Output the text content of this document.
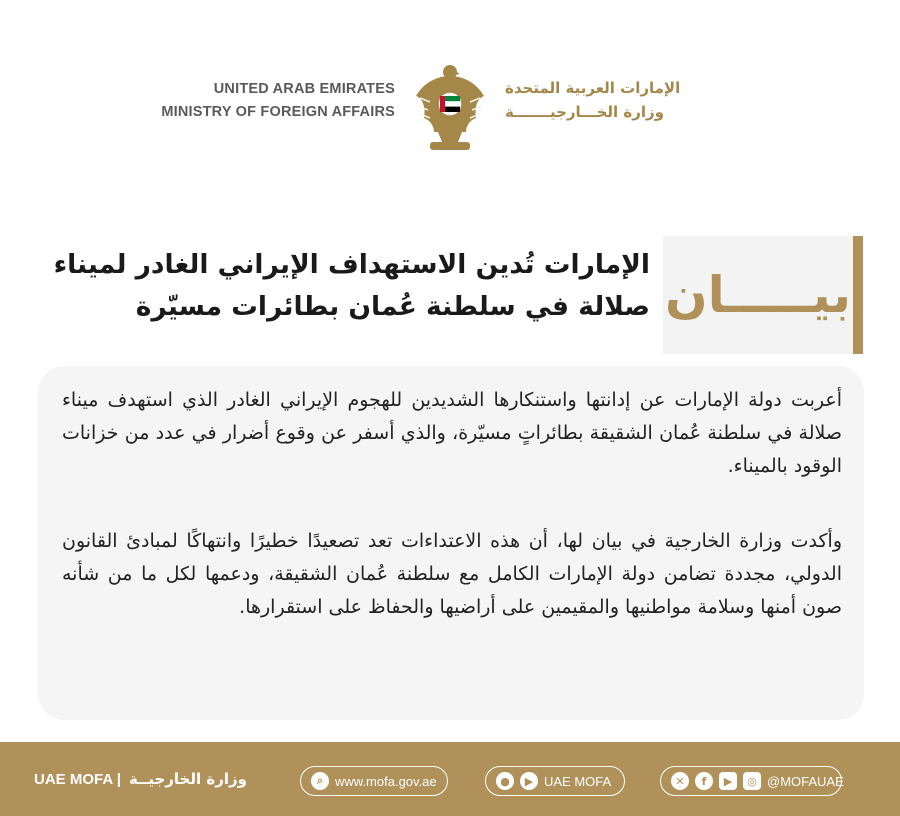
UNITED ARAB EMIRATES
MINISTRY OF FOREIGN AFFAIRS
الإمارات العربية المتحدة
وزارة الخـــارجيـــــــة
بيـــــان
الإمارات تُدين الاستهداف الإيراني الغادر لميناء
صلالة في سلطنة عُمان بطائرات مسيّرة
أعربت دولة الإمارات عن إدانتها واستنكارها الشديدين للهجوم الإيراني الغادر الذي استهدف ميناء صلالة في سلطنة عُمان الشقيقة بطائراتٍ مسيّرة، والذي أسفر عن وقوع أضرار في عدد من خزانات الوقود بالميناء.
وأكدت وزارة الخارجية في بيان لها، أن هذه الاعتداءات تعد تصعيدًا خطيرًا وانتهاكًا لمبادئ القانون الدولي، مجددة تضامن دولة الإمارات الكامل مع سلطنة عُمان الشقيقة، ودعمها لكل ما من شأنه صون أمنها وسلامة مواطنيها والمقيمين على أراضيها والحفاظ على استقرارها.
UAE MOFA | وزارة الخارجيــة	⌕ www.mofa.gov.ae	●	▶ UAE MOFA	✕	f	▶	◎ @MOFAUAE
